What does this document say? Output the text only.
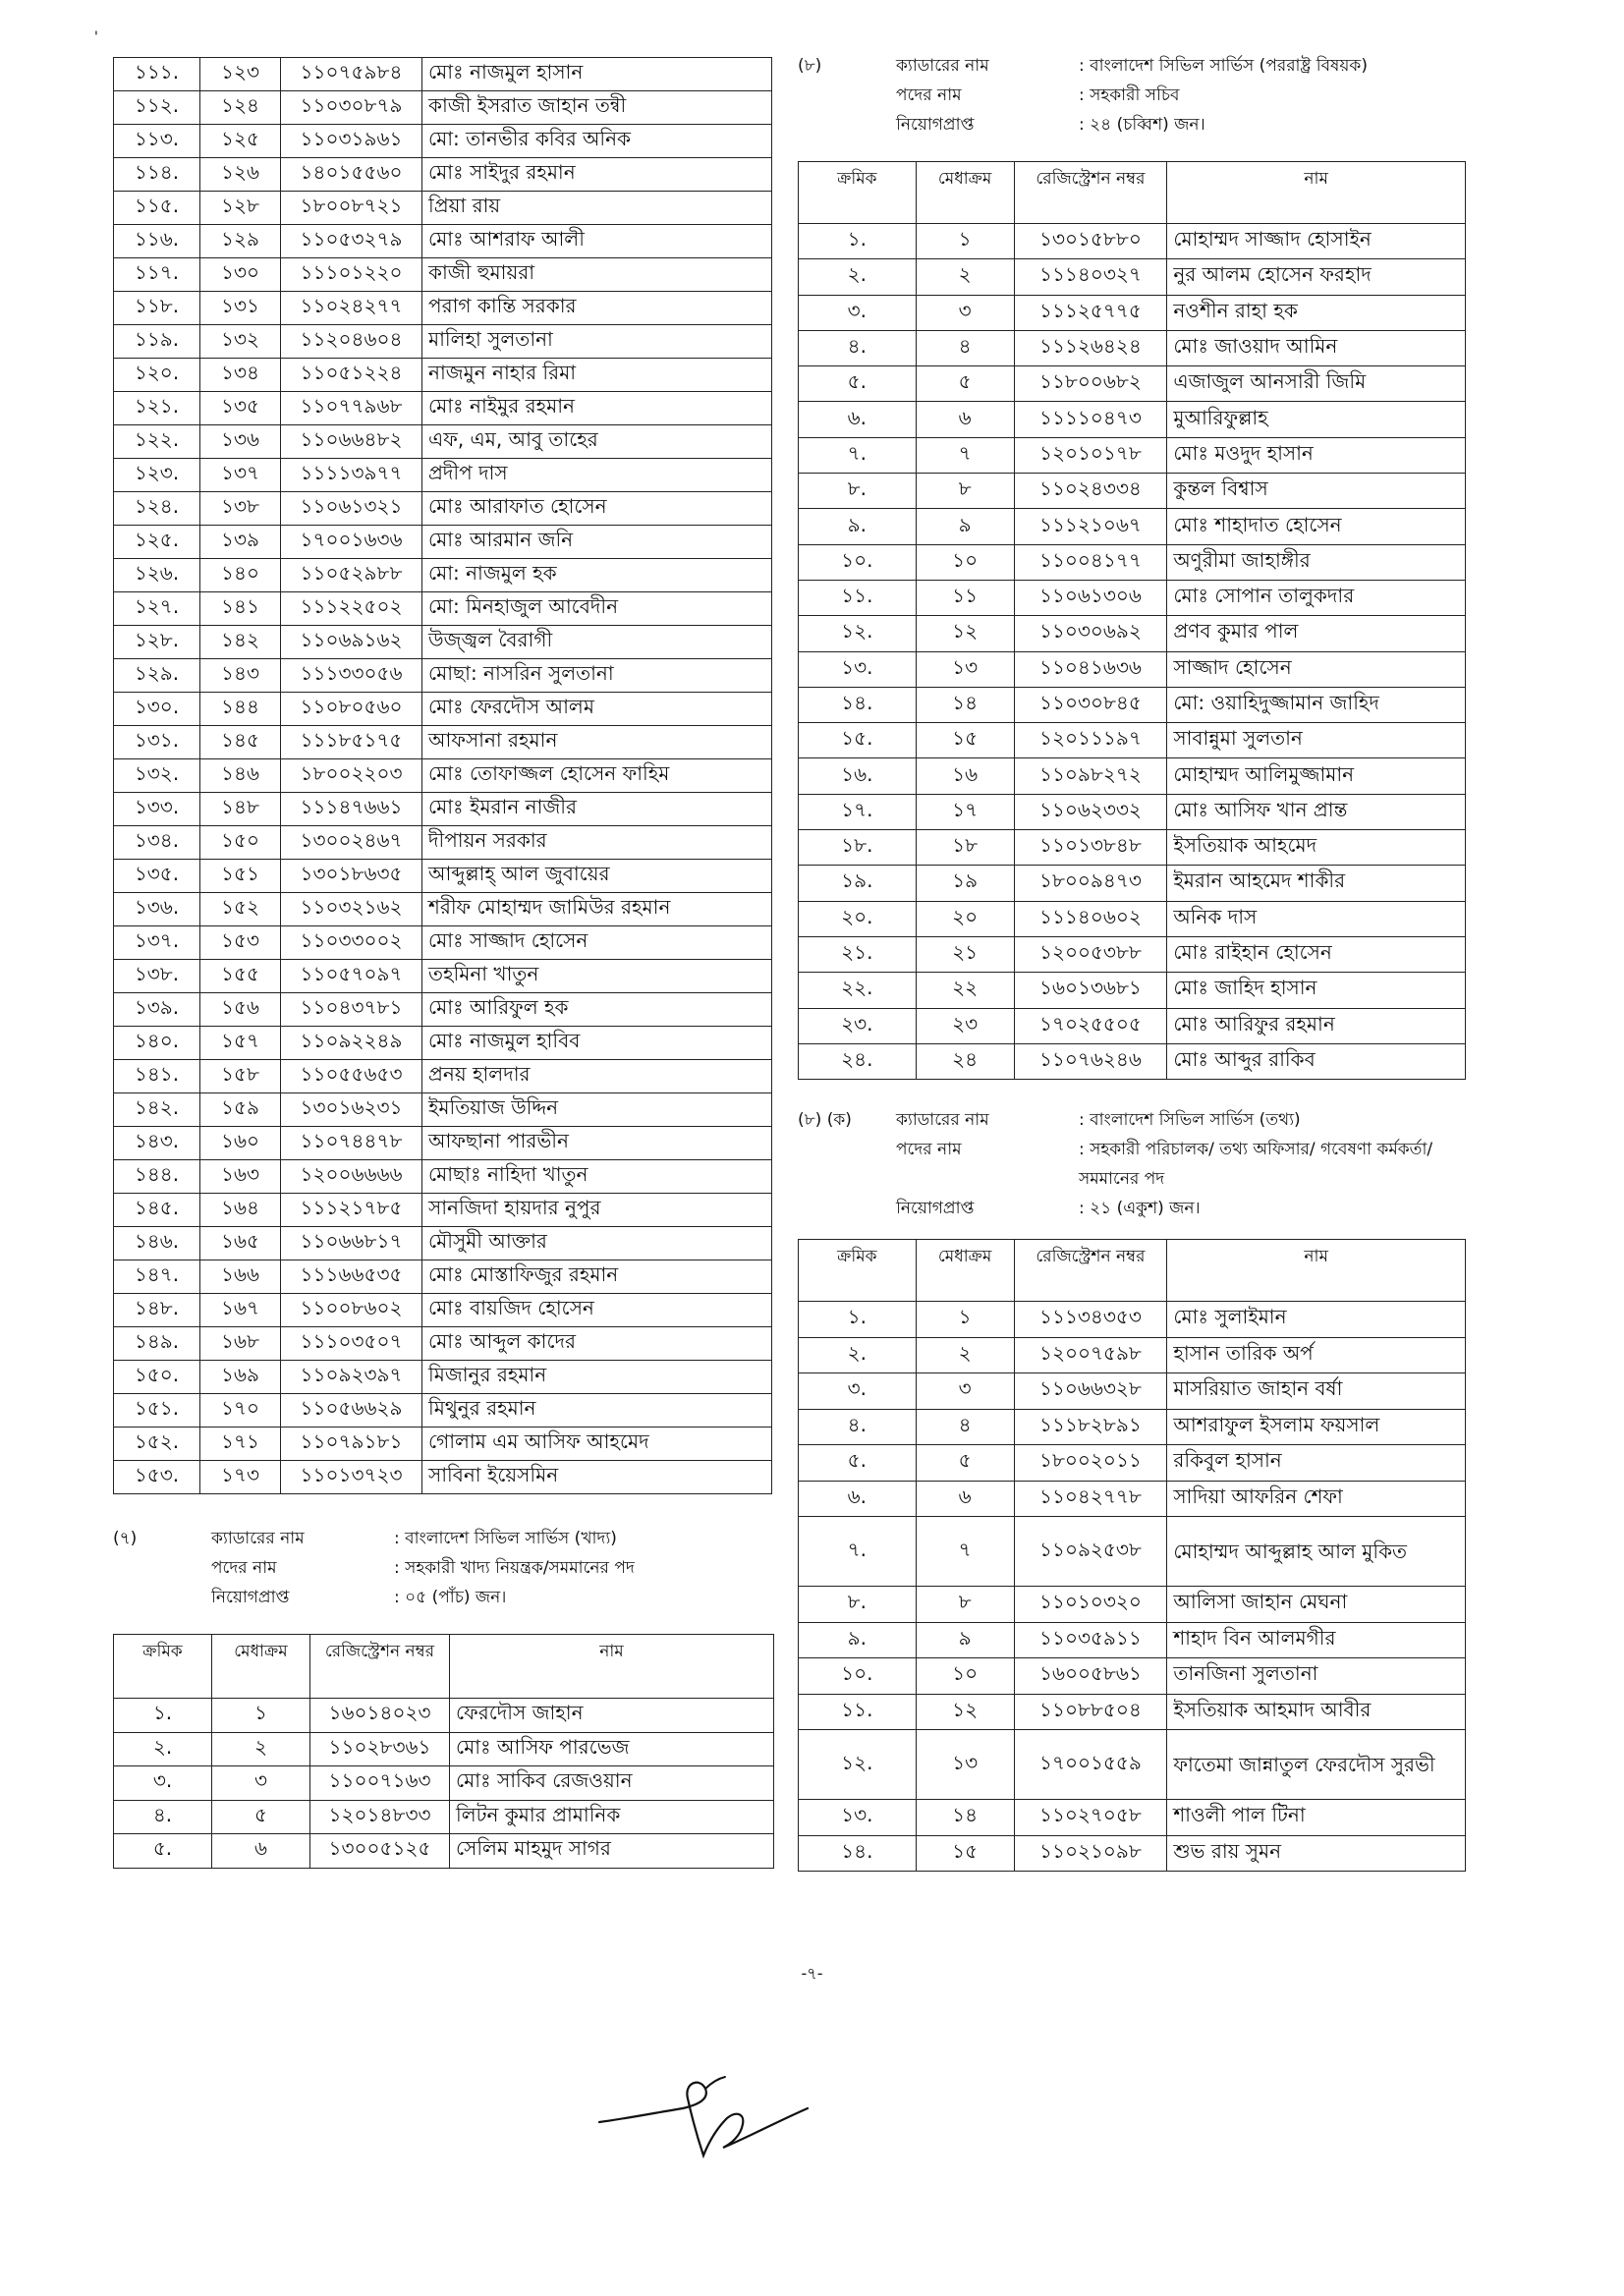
'
১১১.	১২৩	১১০৭৫৯৮৪	মোঃ নাজমুল হাসান
১১২.	১২৪	১১০৩০৮৭৯	কাজী ইসরাত জাহান তন্বী
১১৩.	১২৫	১১০৩১৯৬১	মো: তানভীর কবির অনিক
১১৪.	১২৬	১৪০১৫৫৬০	মোঃ সাইদুর রহমান
১১৫.	১২৮	১৮০০৮৭২১	প্রিয়া রায়
১১৬.	১২৯	১১০৫৩২৭৯	মোঃ আশরাফ আলী
১১৭.	১৩০	১১১০১২২০	কাজী হুমায়রা
১১৮.	১৩১	১১০২৪২৭৭	পরাগ কান্তি সরকার
১১৯.	১৩২	১১২০৪৬০৪	মালিহা সুলতানা
১২০.	১৩৪	১১০৫১২২৪	নাজমুন নাহার রিমা
১২১.	১৩৫	১১০৭৭৯৬৮	মোঃ নাইমুর রহমান
১২২.	১৩৬	১১০৬৬৪৮২	এফ, এম, আবু তাহের
১২৩.	১৩৭	১১১১৩৯৭৭	প্রদীপ দাস
১২৪.	১৩৮	১১০৬১৩২১	মোঃ আরাফাত হোসেন
১২৫.	১৩৯	১৭০০১৬৩৬	মোঃ আরমান জনি
১২৬.	১৪০	১১০৫২৯৮৮	মো: নাজমুল হক
১২৭.	১৪১	১১১২২৫০২	মো: মিনহাজুল আবেদীন
১২৮.	১৪২	১১০৬৯১৬২	উজ্জ্বল বৈরাগী
১২৯.	১৪৩	১১১৩৩০৫৬	মোছা: নাসরিন সুলতানা
১৩০.	১৪৪	১১০৮০৫৬০	মোঃ ফেরদৌস আলম
১৩১.	১৪৫	১১১৮৫১৭৫	আফসানা রহমান
১৩২.	১৪৬	১৮০০২২০৩	মোঃ তোফাজ্জল হোসেন ফাহিম
১৩৩.	১৪৮	১১১৪৭৬৬১	মোঃ ইমরান নাজীর
১৩৪.	১৫০	১৩০০২৪৬৭	দীপায়ন সরকার
১৩৫.	১৫১	১৩০১৮৬৩৫	আব্দুল্লাহ্ আল জুবায়ের
১৩৬.	১৫২	১১০৩২১৬২	শরীফ মোহাম্মদ জামিউর রহমান
১৩৭.	১৫৩	১১০৩৩০০২	মোঃ সাজ্জাদ হোসেন
১৩৮.	১৫৫	১১০৫৭০৯৭	তহমিনা খাতুন
১৩৯.	১৫৬	১১০৪৩৭৮১	মোঃ আরিফুল হক
১৪০.	১৫৭	১১০৯২২৪৯	মোঃ নাজমুল হাবিব
১৪১.	১৫৮	১১০৫৫৬৫৩	প্রনয় হালদার
১৪২.	১৫৯	১৩০১৬২৩১	ইমতিয়াজ উদ্দিন
১৪৩.	১৬০	১১০৭৪৪৭৮	আফছানা পারভীন
১৪৪.	১৬৩	১২০০৬৬৬৬	মোছাঃ নাহিদা খাতুন
১৪৫.	১৬৪	১১১২১৭৮৫	সানজিদা হায়দার নুপুর
১৪৬.	১৬৫	১১০৬৬৮১৭	মৌসুমী আক্তার
১৪৭.	১৬৬	১১১৬৬৫৩৫	মোঃ মোস্তাফিজুর রহমান
১৪৮.	১৬৭	১১০০৮৬০২	মোঃ বায়জিদ হোসেন
১৪৯.	১৬৮	১১১০৩৫০৭	মোঃ আব্দুল কাদের
১৫০.	১৬৯	১১০৯২৩৯৭	মিজানুর রহমান
১৫১.	১৭০	১১০৫৬৬২৯	মিথুনুর রহমান
১৫২.	১৭১	১১০৭৯১৮১	গোলাম এম আসিফ আহমেদ
১৫৩.	১৭৩	১১০১৩৭২৩	সাবিনা ইয়েসমিন
(৭)	ক্যাডারের নাম	: বাংলাদেশ সিভিল সার্ভিস (খাদ্য)
পদের নাম	: সহকারী খাদ্য নিয়ন্ত্রক/সমমানের পদ
নিয়োগপ্রাপ্ত	: ০৫ (পাঁচ) জন।
ক্রমিক	মেধাক্রম	রেজিস্ট্রেশন নম্বর	নাম
১.	১	১৬০১৪০২৩	ফেরদৌস জাহান
২.	২	১১০২৮৩৬১	মোঃ আসিফ পারভেজ
৩.	৩	১১০০৭১৬৩	মোঃ সাকিব রেজওয়ান
৪.	৫	১২০১৪৮৩৩	লিটন কুমার প্রামানিক
৫.	৬	১৩০০৫১২৫	সেলিম মাহমুদ সাগর
(৮)	ক্যাডারের নাম	: বাংলাদেশ সিভিল সার্ভিস (পররাষ্ট্র বিষয়ক)
পদের নাম	: সহকারী সচিব
নিয়োগপ্রাপ্ত	: ২৪ (চব্বিশ) জন।
ক্রমিক	মেধাক্রম	রেজিস্ট্রেশন নম্বর	নাম
১.	১	১৩০১৫৮৮০	মোহাম্মদ সাজ্জাদ হোসাইন
২.	২	১১১৪০৩২৭	নুর আলম হোসেন ফরহাদ
৩.	৩	১১১২৫৭৭৫	নওশীন রাহা হক
৪.	৪	১১১২৬৪২৪	মোঃ জাওয়াদ আমিন
৫.	৫	১১৮০০৬৮২	এজাজুল আনসারী জিমি
৬.	৬	১১১১০৪৭৩	মুআরিফুল্লাহ
৭.	৭	১২০১০১৭৮	মোঃ মওদুদ হাসান
৮.	৮	১১০২৪৩৩৪	কুন্তল বিশ্বাস
৯.	৯	১১১২১০৬৭	মোঃ শাহাদাত হোসেন
১০.	১০	১১০০৪১৭৭	অণুরীমা জাহাঙ্গীর
১১.	১১	১১০৬১৩০৬	মোঃ সোপান তালুকদার
১২.	১২	১১০৩০৬৯২	প্রণব কুমার পাল
১৩.	১৩	১১০৪১৬৩৬	সাজ্জাদ হোসেন
১৪.	১৪	১১০৩০৮৪৫	মো: ওয়াহিদুজ্জামান জাহিদ
১৫.	১৫	১২০১১১৯৭	সাবান্নুমা সুলতান
১৬.	১৬	১১০৯৮২৭২	মোহাম্মদ আলিমুজ্জামান
১৭.	১৭	১১০৬২৩৩২	মোঃ আসিফ খান প্রান্ত
১৮.	১৮	১১০১৩৮৪৮	ইসতিয়াক আহমেদ
১৯.	১৯	১৮০০৯৪৭৩	ইমরান আহমেদ শাকীর
২০.	২০	১১১৪০৬০২	অনিক দাস
২১.	২১	১২০০৫৩৮৮	মোঃ রাইহান হোসেন
২২.	২২	১৬০১৩৬৮১	মোঃ জাহিদ হাসান
২৩.	২৩	১৭০২৫৫০৫	মোঃ আরিফুর রহমান
২৪.	২৪	১১০৭৬২৪৬	মোঃ আব্দুর রাকিব
(৮) (ক)	ক্যাডারের নাম	: বাংলাদেশ সিভিল সার্ভিস (তথ্য)
পদের নাম	: সহকারী পরিচালক/ তথ্য অফিসার/ গবেষণা কর্মকর্তা/ সমমানের পদ
নিয়োগপ্রাপ্ত	: ২১ (একুশ) জন।
ক্রমিক	মেধাক্রম	রেজিস্ট্রেশন নম্বর	নাম
১.	১	১১১৩৪৩৫৩	মোঃ সুলাইমান
২.	২	১২০০৭৫৯৮	হাসান তারিক অর্প
৩.	৩	১১০৬৬৩২৮	মাসরিয়াত জাহান বর্ষা
৪.	৪	১১১৮২৮৯১	আশরাফুল ইসলাম ফয়সাল
৫.	৫	১৮০০২০১১	রকিবুল হাসান
৬.	৬	১১০৪২৭৭৮	সাদিয়া আফরিন শেফা
৭.	৭	১১০৯২৫৩৮	মোহাম্মদ আব্দুল্লাহ আল মুকিত
৮.	৮	১১০১০৩২০	আলিসা জাহান মেঘনা
৯.	৯	১১০৩৫৯১১	শাহাদ বিন আলমগীর
১০.	১০	১৬০০৫৮৬১	তানজিনা সুলতানা
১১.	১২	১১০৮৮৫০৪	ইসতিয়াক আহমাদ আবীর
১২.	১৩	১৭০০১৫৫৯	ফাতেমা জান্নাতুল ফেরদৌস সুরভী
১৩.	১৪	১১০২৭০৫৮	শাওলী পাল টিনা
১৪.	১৫	১১০২১০৯৮	শুভ রায় সুমন
-৭-
